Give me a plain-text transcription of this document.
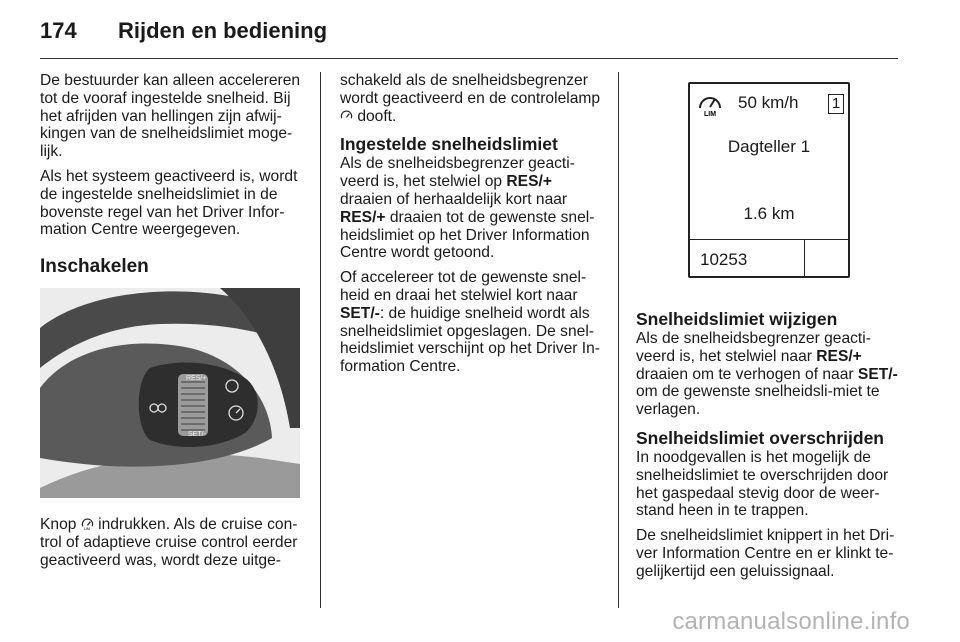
174 Rijden en bediening

De bestuurder kan alleen accelereren tot de vooraf ingestelde snelheid. Bij het afrijden van hellingen zijn afwij-kingen van de snelheidslimiet moge-lijk.

Als het systeem geactiveerd is, wordt de ingestelde snelheidslimiet in de bovenste regel van het Driver Infor-mation Centre weergegeven.

Inschakelen
RES/+
SET/-
Knop LIM indrukken. Als de cruise con-trol of adaptieve cruise control eerder geactiveerd was, wordt deze uitge-

schakeld als de snelheidsbegrenzer wordt geactiveerd en de controlelamp  dooft.

Ingestelde snelheidslimiet

Als de snelheidsbegrenzer geacti-veerd is, het stelwiel op RES/+ draaien of herhaaldelijk kort naar RES/+ draaien tot de gewenste snel-heidslimiet op het Driver Information Centre wordt getoond.

Of accelereer tot de gewenste snel-heid en draai het stelwiel kort naar SET/-: de huidige snelheid wordt als snelheidslimiet opgeslagen. De snel-heidslimiet verschijnt op het Driver In-formation Centre.

LIM
50 km/h 1
Dagteller 1
1.6 km
10253
Snelheidslimiet wijzigen

Als de snelheidsbegrenzer geacti-veerd is, het stelwiel naar RES/+ draaien om te verhogen of naar SET/- om de gewenste snelheidsli-miet te verlagen.

Snelheidslimiet overschrijden

In noodgevallen is het mogelijk de snelheidslimiet te overschrijden door het gaspedaal stevig door de weer-stand heen in te trappen.

De snelheidslimiet knippert in het Dri-ver Information Centre en er klinkt te-gelijkertijd een geluissignaal.

carmanualsonline.info
